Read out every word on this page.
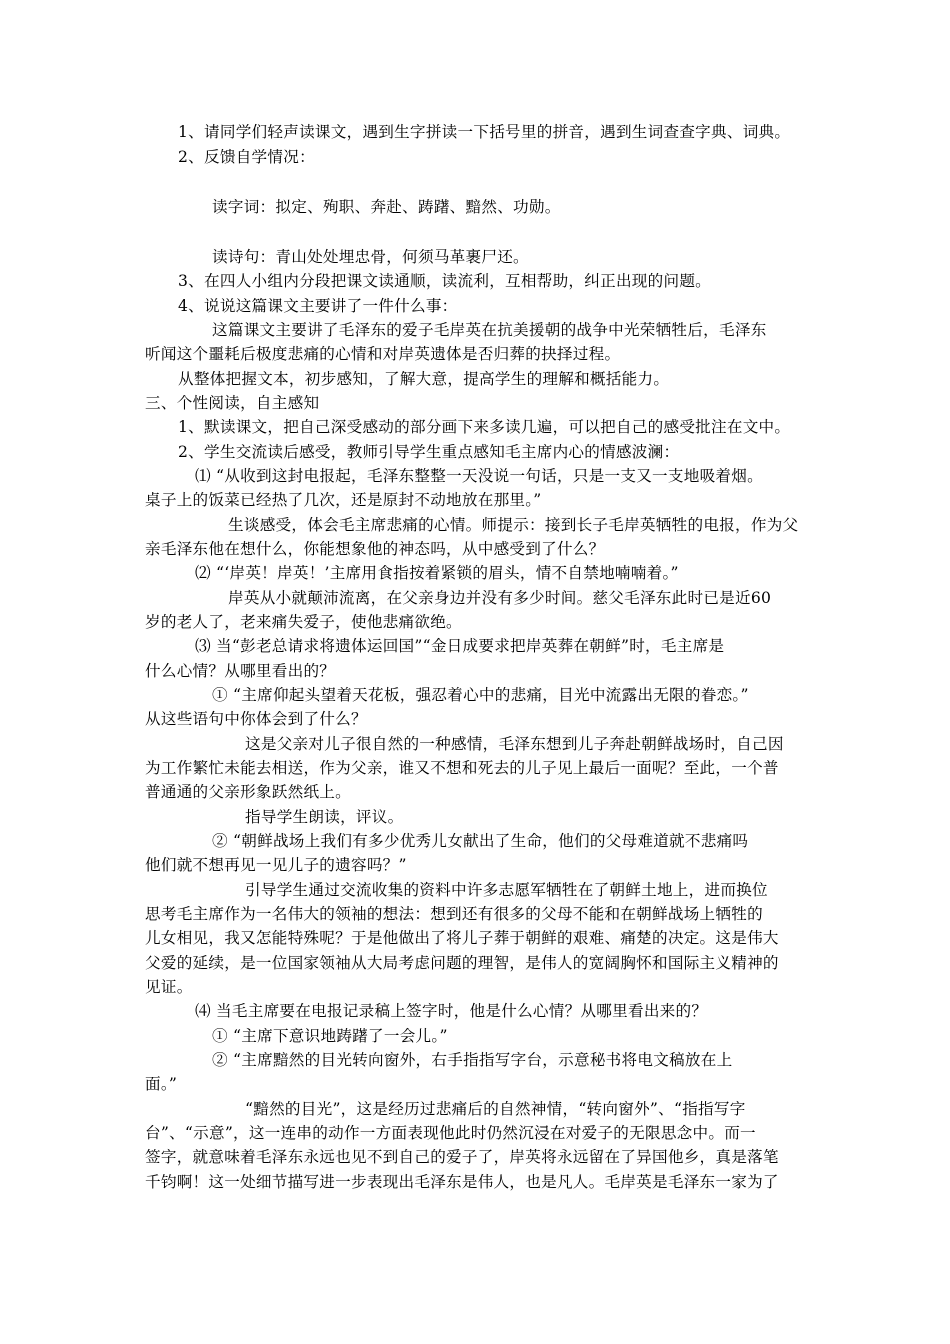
1、请同学们轻声读课文，遇到生字拼读一下括号里的拼音，遇到生词查查字典、词典。
2、反馈自学情况：
读字词：拟定、殉职、奔赴、踌躇、黯然、功勋。
读诗句：青山处处埋忠骨，何须马革裹尸还。
3、在四人小组内分段把课文读通顺，读流利，互相帮助，纠正出现的问题。
4、说说这篇课文主要讲了一件什么事：
这篇课文主要讲了毛泽东的爱子毛岸英在抗美援朝的战争中光荣牺牲后，毛泽东
听闻这个噩耗后极度悲痛的心情和对岸英遗体是否归葬的抉择过程。
从整体把握文本，初步感知，了解大意，提高学生的理解和概括能力。
三、个性阅读，自主感知
1、默读课文，把自己深受感动的部分画下来多读几遍，可以把自己的感受批注在文中。
2、学生交流读后感受，教师引导学生重点感知毛主席内心的情感波澜：
⑴ “从收到这封电报起，毛泽东整整一天没说一句话，只是一支又一支地吸着烟。
桌子上的饭菜已经热了几次，还是原封不动地放在那里。”
生谈感受，体会毛主席悲痛的心情。师提示：接到长子毛岸英牺牲的电报，作为父
亲毛泽东他在想什么，你能想象他的神态吗，从中感受到了什么？
⑵ “‘岸英！岸英！’主席用食指按着紧锁的眉头，情不自禁地喃喃着。”
岸英从小就颠沛流离，在父亲身边并没有多少时间。慈父毛泽东此时已是近60
岁的老人了，老来痛失爱子，使他悲痛欲绝。
⑶ 当“彭老总请求将遗体运回国”“金日成要求把岸英葬在朝鲜”时，毛主席是
什么心情？从哪里看出的？
① “主席仰起头望着天花板，强忍着心中的悲痛，目光中流露出无限的眷恋。”
从这些语句中你体会到了什么？
这是父亲对儿子很自然的一种感情，毛泽东想到儿子奔赴朝鲜战场时，自己因
为工作繁忙未能去相送，作为父亲，谁又不想和死去的儿子见上最后一面呢？至此，一个普
普通通的父亲形象跃然纸上。
指导学生朗读，评议。
② “朝鲜战场上我们有多少优秀儿女献出了生命，他们的父母难道就不悲痛吗
他们就不想再见一见儿子的遗容吗？”
引导学生通过交流收集的资料中许多志愿军牺牲在了朝鲜土地上，进而换位
思考毛主席作为一名伟大的领袖的想法：想到还有很多的父母不能和在朝鲜战场上牺牲的
儿女相见，我又怎能特殊呢？于是他做出了将儿子葬于朝鲜的艰难、痛楚的决定。这是伟大
父爱的延续，是一位国家领袖从大局考虑问题的理智，是伟人的宽阔胸怀和国际主义精神的
见证。
⑷ 当毛主席要在电报记录稿上签字时，他是什么心情？从哪里看出来的？
① “主席下意识地踌躇了一会儿。”
② “主席黯然的目光转向窗外，右手指指写字台，示意秘书将电文稿放在上
面。”
“黯然的目光”，这是经历过悲痛后的自然神情，“转向窗外”、“指指写字
台”、“示意”，这一连串的动作一方面表现他此时仍然沉浸在对爱子的无限思念中。而一
签字，就意味着毛泽东永远也见不到自己的爱子了，岸英将永远留在了异国他乡，真是落笔
千钧啊！这一处细节描写进一步表现出毛泽东是伟人，也是凡人。毛岸英是毛泽东一家为了
